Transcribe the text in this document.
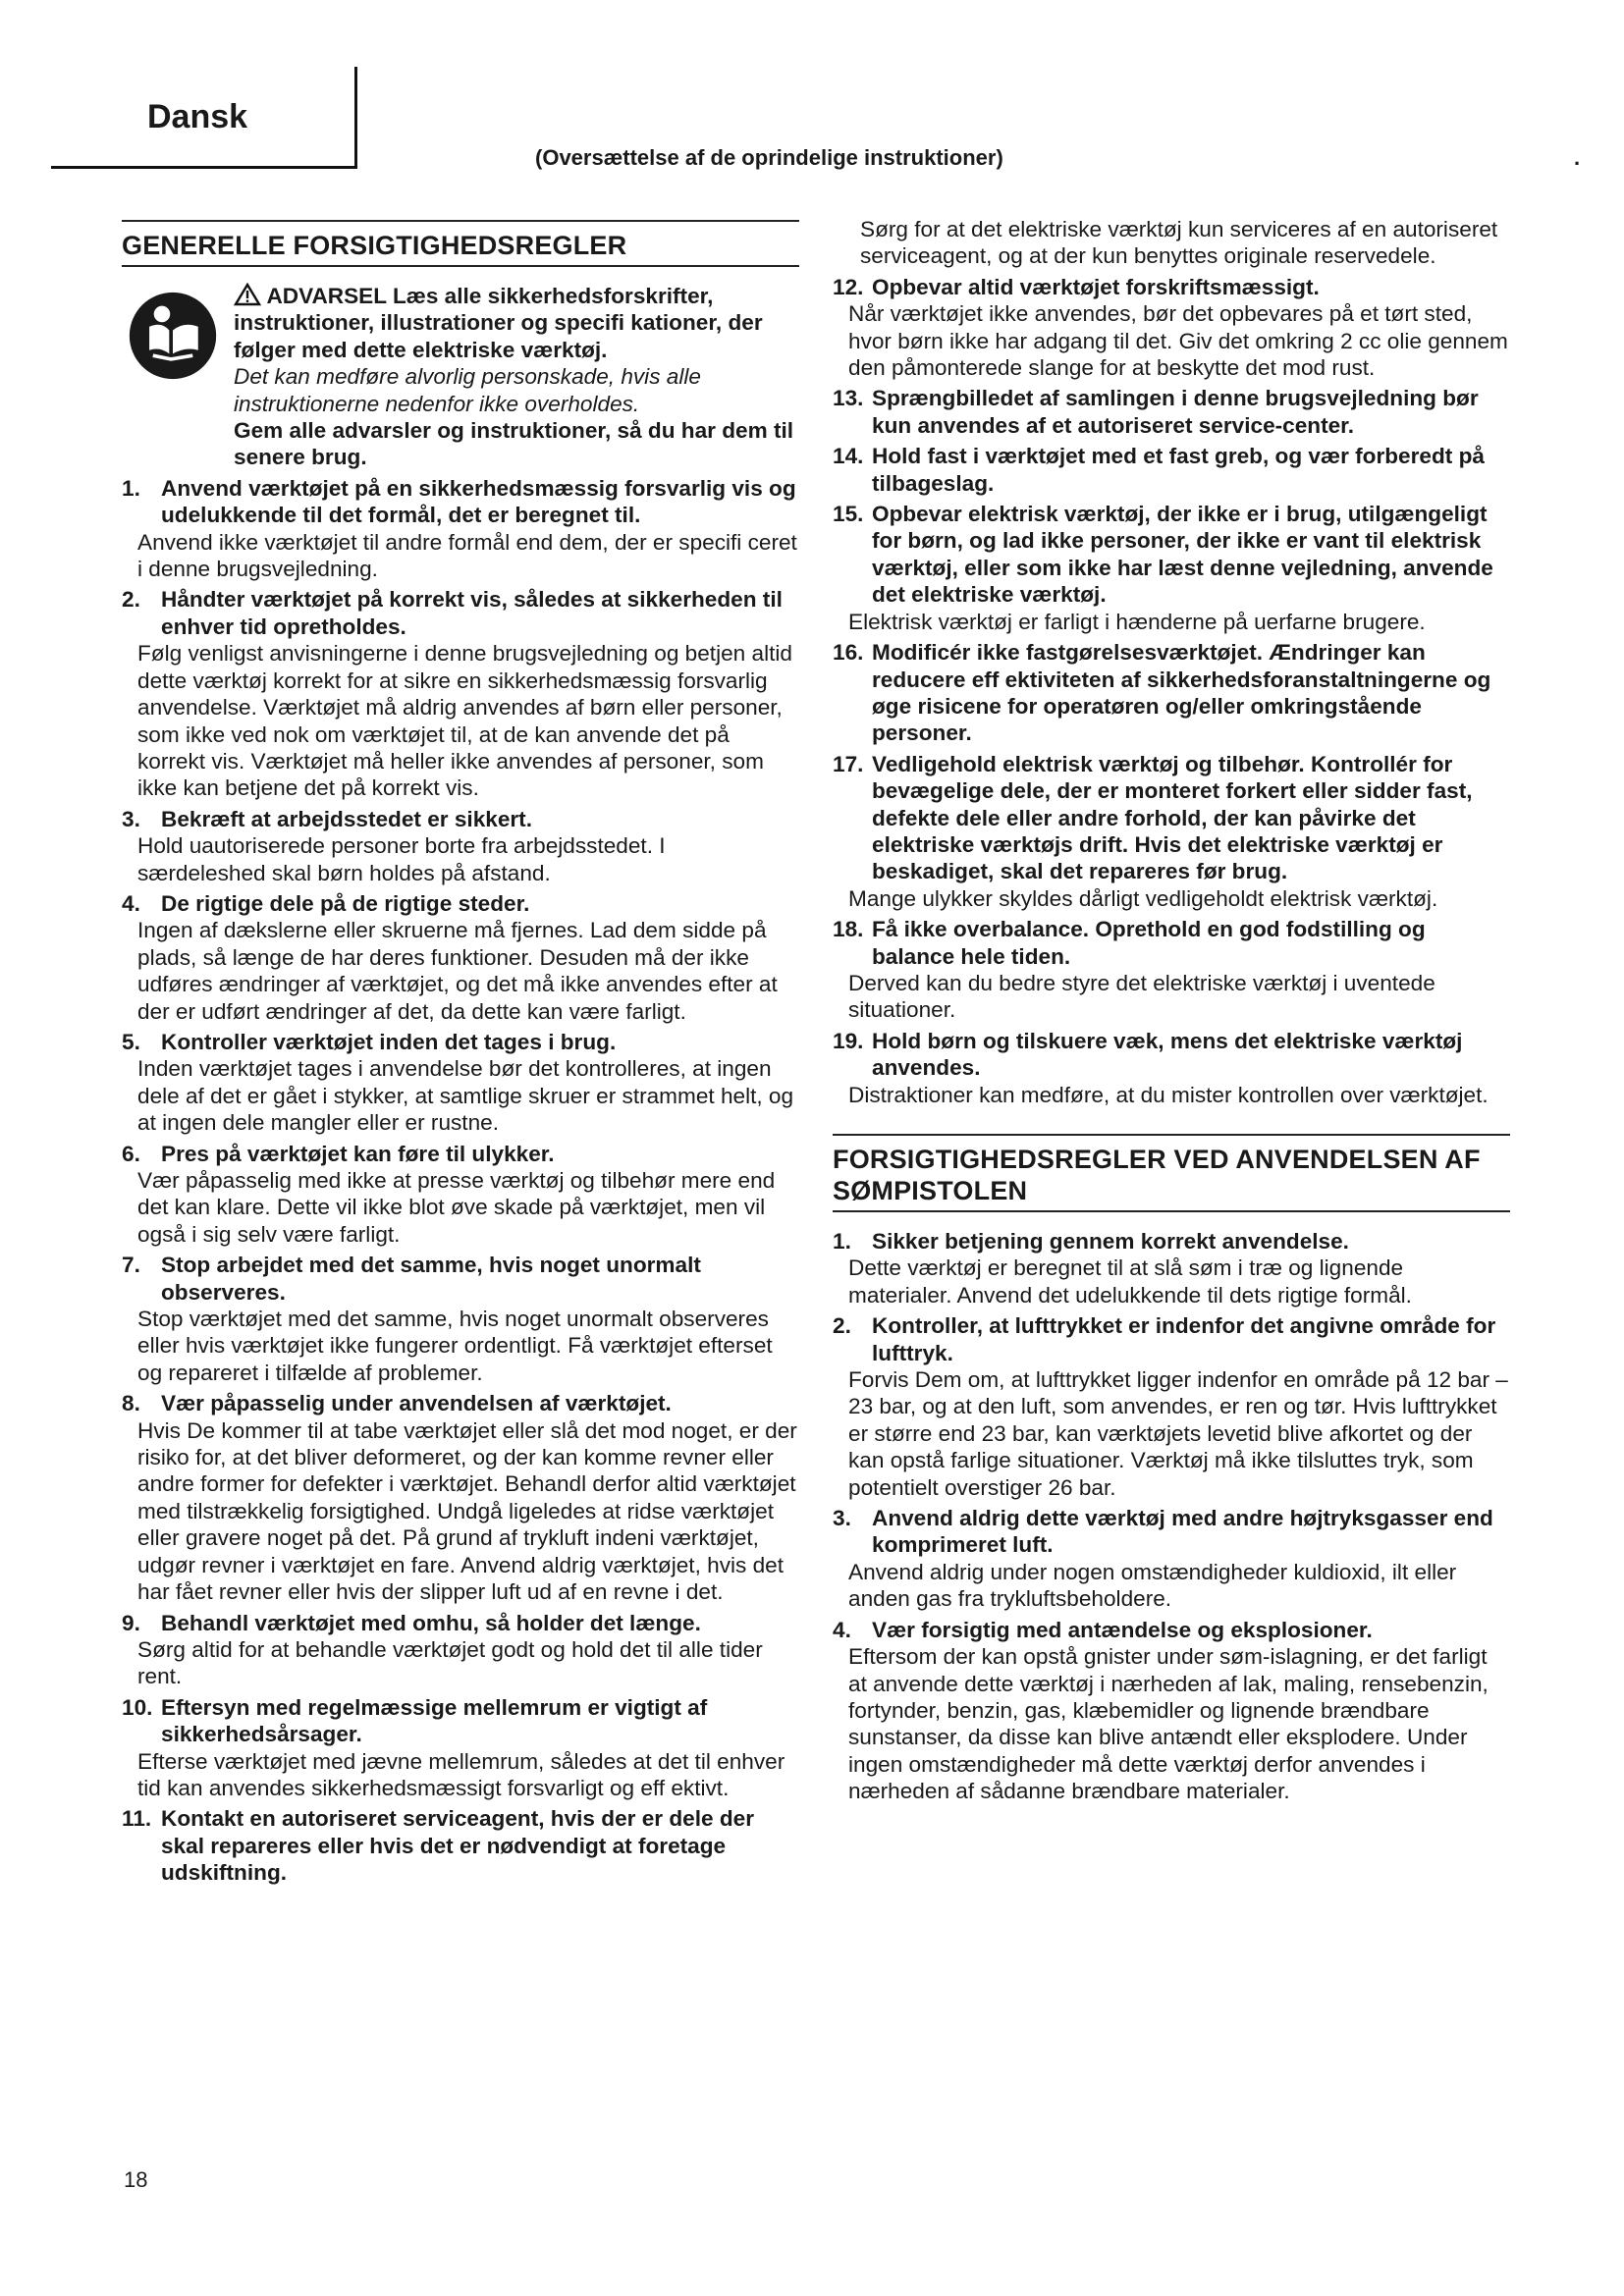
Dansk
(Oversættelse af de oprindelige instruktioner)	.
GENERELLE FORSIGTIGHEDSREGLER

ADVARSEL Læs alle sikkerhedsforskrifter, instruktioner, illustrationer og specifi kationer, der følger med dette elektriske værktøj.

Det kan medføre alvorlig personskade, hvis alle instruktionerne nedenfor ikke overholdes.

Gem alle advarsler og instruktioner, så du har dem til senere brug.

1. Anvend værktøjet på en sikkerhedsmæssig forsvarlig vis og udelukkende til det formål, det er beregnet til.
Anvend ikke værktøjet til andre formål end dem, der er specifi ceret i denne brugsvejledning.
2. Håndter værktøjet på korrekt vis, således at sikkerheden til enhver tid opretholdes.
Følg venligst anvisningerne i denne brugsvejledning og betjen altid dette værktøj korrekt for at sikre en sikkerhedsmæssig forsvarlig anvendelse. Værktøjet må aldrig anvendes af børn eller personer, som ikke ved nok om værktøjet til, at de kan anvende det på korrekt vis. Værktøjet må heller ikke anvendes af personer, som ikke kan betjene det på korrekt vis.
3. Bekræft at arbejdsstedet er sikkert.
Hold uautoriserede personer borte fra arbejdsstedet. I særdeleshed skal børn holdes på afstand.
4. De rigtige dele på de rigtige steder.
Ingen af dækslerne eller skruerne må fjernes. Lad dem sidde på plads, så længe de har deres funktioner. Desuden må der ikke udføres ændringer af værktøjet, og det må ikke anvendes efter at der er udført ændringer af det, da dette kan være farligt.
5. Kontroller værktøjet inden det tages i brug.
Inden værktøjet tages i anvendelse bør det kontrolleres, at ingen dele af det er gået i stykker, at samtlige skruer er strammet helt, og at ingen dele mangler eller er rustne.
6. Pres på værktøjet kan føre til ulykker.
Vær påpasselig med ikke at presse værktøj og tilbehør mere end det kan klare. Dette vil ikke blot øve skade på værktøjet, men vil også i sig selv være farligt.
7. Stop arbejdet med det samme, hvis noget unormalt observeres.
Stop værktøjet med det samme, hvis noget unormalt observeres eller hvis værktøjet ikke fungerer ordentligt. Få værktøjet efterset og repareret i tilfælde af problemer.
8. Vær påpasselig under anvendelsen af værktøjet.
Hvis De kommer til at tabe værktøjet eller slå det mod noget, er der risiko for, at det bliver deformeret, og der kan komme revner eller andre former for defekter i værktøjet. Behandl derfor altid værktøjet med tilstrækkelig forsigtighed. Undgå ligeledes at ridse værktøjet eller gravere noget på det. På grund af trykluft indeni værktøjet, udgør revner i værktøjet en fare. Anvend aldrig værktøjet, hvis det har fået revner eller hvis der slipper luft ud af en revne i det.
9. Behandl værktøjet med omhu, så holder det længe.
Sørg altid for at behandle værktøjet godt og hold det til alle tider rent.
10. Eftersyn med regelmæssige mellemrum er vigtigt af sikkerhedsårsager.
Efterse værktøjet med jævne mellemrum, således at det til enhver tid kan anvendes sikkerhedsmæssigt forsvarligt og eff ektivt.
11. Kontakt en autoriseret serviceagent, hvis der er dele der skal repareres eller hvis det er nødvendigt at foretage udskiftning.
Sørg for at det elektriske værktøj kun serviceres af en autoriseret serviceagent, og at der kun benyttes originale reservedele.
12. Opbevar altid værktøjet forskriftsmæssigt.
Når værktøjet ikke anvendes, bør det opbevares på et tørt sted, hvor børn ikke har adgang til det. Giv det omkring 2 cc olie gennem den påmonterede slange for at beskytte det mod rust.
13. Sprængbilledet af samlingen i denne brugsvejledning bør kun anvendes af et autoriseret service-center.
14. Hold fast i værktøjet med et fast greb, og vær forberedt på tilbageslag.
15. Opbevar elektrisk værktøj, der ikke er i brug, utilgængeligt for børn, og lad ikke personer, der ikke er vant til elektrisk værktøj, eller som ikke har læst denne vejledning, anvende det elektriske værktøj.
Elektrisk værktøj er farligt i hænderne på uerfarne brugere.
16. Modificér ikke fastgørelsesværktøjet. Ændringer kan reducere eff ektiviteten af sikkerhedsforanstaltningerne og øge risicene for operatøren og/eller omkringstående personer.
17. Vedligehold elektrisk værktøj og tilbehør. Kontrollér for bevægelige dele, der er monteret forkert eller sidder fast, defekte dele eller andre forhold, der kan påvirke det elektriske værktøjs drift. Hvis det elektriske værktøj er beskadiget, skal det repareres før brug.
Mange ulykker skyldes dårligt vedligeholdt elektrisk værktøj.
18. Få ikke overbalance. Oprethold en god fodstilling og balance hele tiden.
Derved kan du bedre styre det elektriske værktøj i uventede situationer.
19. Hold børn og tilskuere væk, mens det elektriske værktøj anvendes.
Distraktioner kan medføre, at du mister kontrollen over værktøjet.
FORSIGTIGHEDSREGLER VED ANVENDELSEN AF SØMPISTOLEN
1. Sikker betjening gennem korrekt anvendelse.
Dette værktøj er beregnet til at slå søm i træ og lignende materialer. Anvend det udelukkende til dets rigtige formål.
2. Kontroller, at lufttrykket er indenfor det angivne område for lufttryk.
Forvis Dem om, at lufttrykket ligger indenfor en område på 12 bar – 23 bar, og at den luft, som anvendes, er ren og tør. Hvis lufttrykket er større end 23 bar, kan værktøjets levetid blive afkortet og der kan opstå farlige situationer. Værktøj må ikke tilsluttes tryk, som potentielt overstiger 26 bar.
3. Anvend aldrig dette værktøj med andre højtryksgasser end komprimeret luft.
Anvend aldrig under nogen omstændigheder kuldioxid, ilt eller anden gas fra trykluftsbeholdere.
4. Vær forsigtig med antændelse og eksplosioner.
Eftersom der kan opstå gnister under søm-islagning, er det farligt at anvende dette værktøj i nærheden af lak, maling, rensebenzin, fortynder, benzin, gas, klæbemidler og lignende brændbare sunstanser, da disse kan blive antændt eller eksplodere. Under ingen omstændigheder må dette værktøj derfor anvendes i nærheden af sådanne brændbare materialer.
18
